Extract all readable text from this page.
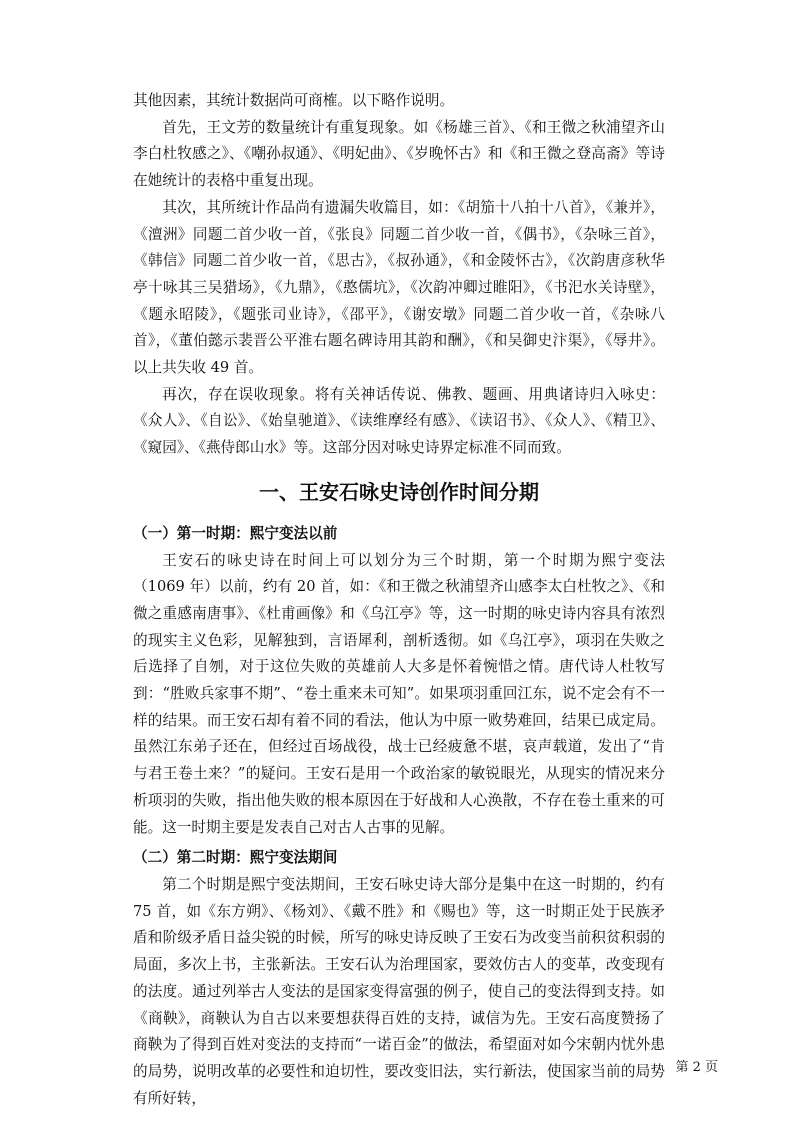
其他因素，其统计数据尚可商榷。以下略作说明。

首先，王文芳的数量统计有重复现象。如《杨雄三首》、《和王微之秋浦望齐山李白杜牧感之》、《嘲孙叔通》、《明妃曲》、《岁晚怀古》和《和王微之登高斋》等诗在她统计的表格中重复出现。

其次，其所统计作品尚有遗漏失收篇目，如：《胡笳十八拍十八首》，《兼并》，《澶洲》同题二首少收一首，《张良》同题二首少收一首，《偶书》，《杂咏三首》，《韩信》同题二首少收一首，《思古》，《叔孙通》，《和金陵怀古》，《次韵唐彦秋华亭十咏其三吴猎场》，《九鼎》，《憨儒坑》，《次韵冲卿过睢阳》，《书汜水关诗壁》，《题永昭陵》，《题张司业诗》，《邵平》，《谢安墩》同题二首少收一首，《杂咏八首》，《董伯懿示裴晋公平淮右题名碑诗用其韵和酬》，《和吴御史汴渠》，《辱井》。以上共失收 49 首。

再次，存在误收现象。将有关神话传说、佛教、题画、用典诸诗归入咏史：《众人》、《自讼》、《始皇驰道》、《读维摩经有感》、《读诏书》、《众人》、《精卫》、《窥园》、《燕侍郎山水》等。这部分因对咏史诗界定标准不同而致。

一、王安石咏史诗创作时间分期
（一）第一时期：熙宁变法以前

王安石的咏史诗在时间上可以划分为三个时期，第一个时期为熙宁变法（1069 年）以前，约有 20 首，如：《和王微之秋浦望齐山感李太白杜牧之》、《和微之重感南唐事》、《杜甫画像》和《乌江亭》等，这一时期的咏史诗内容具有浓烈的现实主义色彩，见解独到，言语犀利，剖析透彻。如《乌江亭》，项羽在失败之后选择了自刎，对于这位失败的英雄前人大多是怀着惋惜之情。唐代诗人杜牧写到：“胜败兵家事不期”、“卷土重来未可知”。如果项羽重回江东，说不定会有不一样的结果。而王安石却有着不同的看法，他认为中原一败势难回，结果已成定局。虽然江东弟子还在，但经过百场战役，战士已经疲惫不堪，哀声载道，发出了“肯与君王卷土来？”的疑问。王安石是用一个政治家的敏锐眼光，从现实的情况来分析项羽的失败，指出他失败的根本原因在于好战和人心涣散，不存在卷土重来的可能。这一时期主要是发表自己对古人古事的见解。

（二）第二时期：熙宁变法期间

第二个时期是熙宁变法期间，王安石咏史诗大部分是集中在这一时期的，约有 75 首，如《东方朔》、《杨刘》、《戴不胜》和《赐也》等，这一时期正处于民族矛盾和阶级矛盾日益尖锐的时候，所写的咏史诗反映了王安石为改变当前积贫积弱的局面，多次上书，主张新法。王安石认为治理国家，要效仿古人的变革，改变现有的法度。通过列举古人变法的是国家变得富强的例子，使自己的变法得到支持。如《商鞅》，商鞅认为自古以来要想获得百姓的支持，诚信为先。王安石高度赞扬了商鞅为了得到百姓对变法的支持而“一诺百金”的做法，希望面对如今宋朝内忧外患的局势，说明改革的必要性和迫切性，要改变旧法，实行新法，使国家当前的局势有所好转，

第 2 页
